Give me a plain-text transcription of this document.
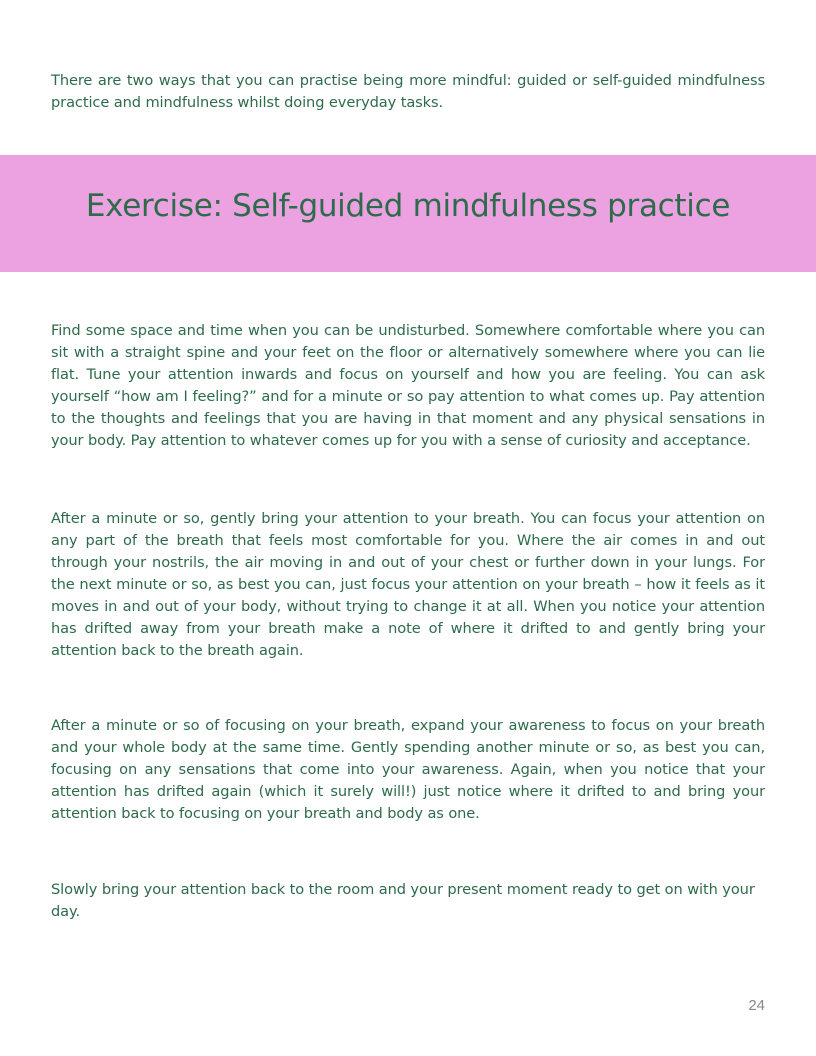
There are two ways that you can practise being more mindful: guided or self-guided mindfulness practice and mindfulness whilst doing everyday tasks.

Exercise: Self-guided mindfulness practice

Find some space and time when you can be undisturbed. Somewhere comfortable where you can sit with a straight spine and your feet on the floor or alternatively somewhere where you can lie flat. Tune your attention inwards and focus on yourself and how you are feeling. You can ask yourself “how am I feeling?” and for a minute or so pay attention to what comes up. Pay attention to the thoughts and feelings that you are having in that moment and any physical sensations in your body. Pay attention to whatever comes up for you with a sense of curiosity and acceptance.

After a minute or so, gently bring your attention to your breath. You can focus your attention on any part of the breath that feels most comfortable for you. Where the air comes in and out through your nostrils, the air moving in and out of your chest or further down in your lungs. For the next minute or so, as best you can, just focus your attention on your breath – how it feels as it moves in and out of your body, without trying to change it at all. When you notice your attention has drifted away from your breath make a note of where it drifted to and gently bring your attention back to the breath again.

After a minute or so of focusing on your breath, expand your awareness to focus on your breath and your whole body at the same time. Gently spending another minute or so, as best you can, focusing on any sensations that come into your awareness. Again, when you notice that your attention has drifted again (which it surely will!) just notice where it drifted to and bring your attention back to focusing on your breath and body as one.

Slowly bring your attention back to the room and your present moment ready to get on with your day.

24
